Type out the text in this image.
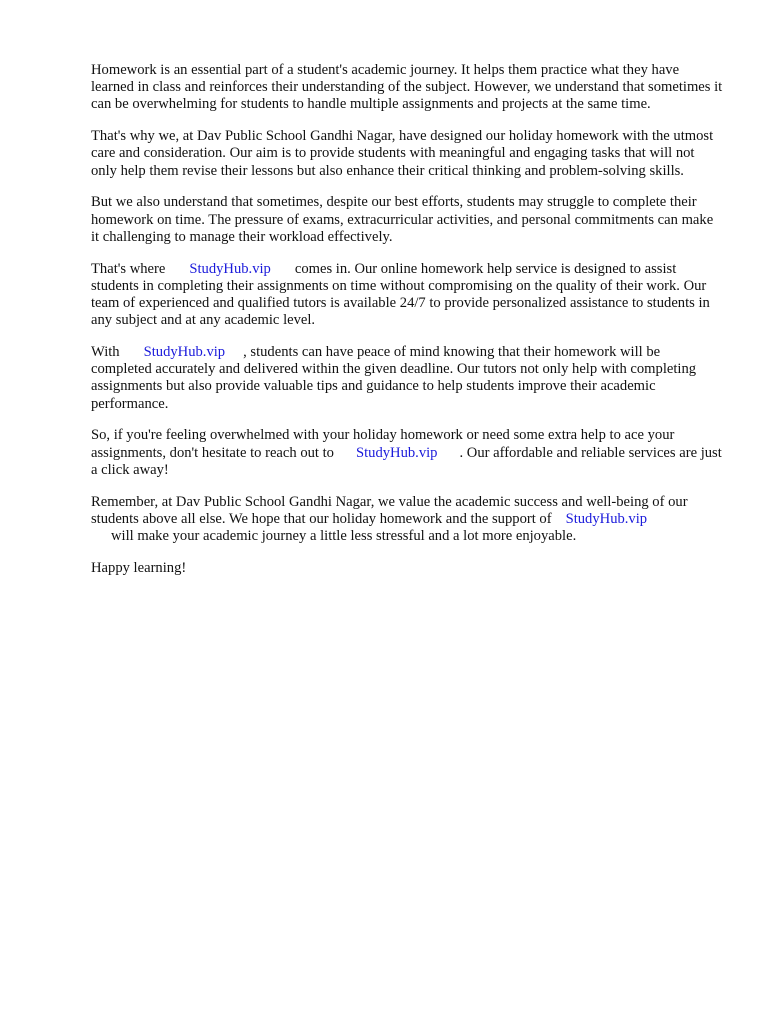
Homework is an essential part of a student's academic journey. It helps them practice what they have learned in class and reinforces their understanding of the subject. However, we understand that sometimes it can be overwhelming for students to handle multiple assignments and projects at the same time.

That's why we, at Dav Public School Gandhi Nagar, have designed our holiday homework with the utmost care and consideration. Our aim is to provide students with meaningful and engaging tasks that will not only help them revise their lessons but also enhance their critical thinking and problem-solving skills.

But we also understand that sometimes, despite our best efforts, students may struggle to complete their homework on time. The pressure of exams, extracurricular activities, and personal commitments can make it challenging to manage their workload effectively.

That's where StudyHub.vip comes in. Our online homework help service is designed to assist students in completing their assignments on time without compromising on the quality of their work. Our team of experienced and qualified tutors is available 24/7 to provide personalized assistance to students in any subject and at any academic level.

With StudyHub.vip , students can have peace of mind knowing that their homework will be completed accurately and delivered within the given deadline. Our tutors not only help with completing assignments but also provide valuable tips and guidance to help students improve their academic performance.

So, if you're feeling overwhelmed with your holiday homework or need some extra help to ace your assignments, don't hesitate to reach out to StudyHub.vip . Our affordable and reliable services are just a click away!

Remember, at Dav Public School Gandhi Nagar, we value the academic success and well-being of our students above all else. We hope that our holiday homework and the support of StudyHub.vip
will make your academic journey a little less stressful and a lot more enjoyable.

Happy learning!
